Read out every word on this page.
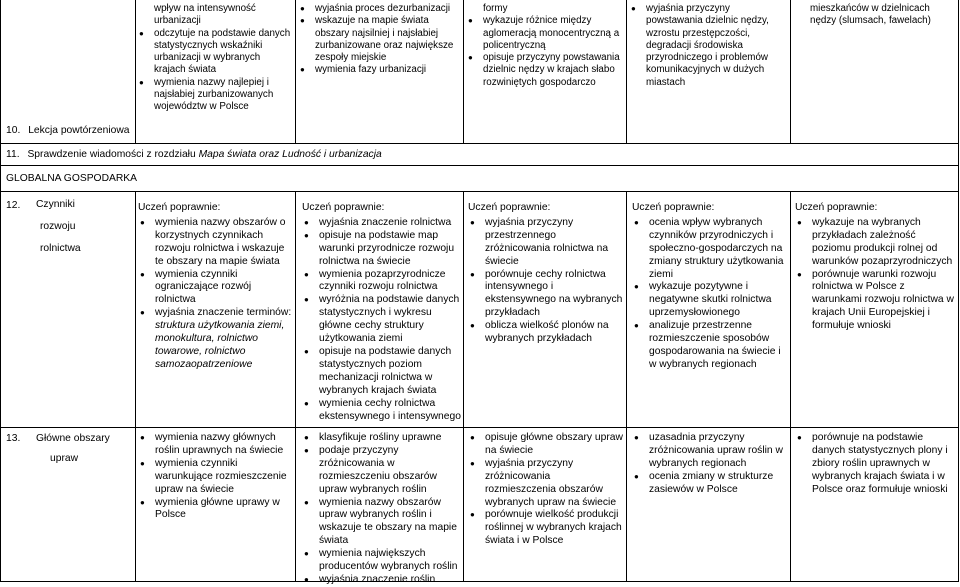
wpływ na intensywność urbanizacji
● odczytuje na podstawie danych statystycznych wskaźniki urbanizacji w wybranych krajach świata
● wymienia nazwy najlepiej i najsłabiej zurbanizowanych województw w Polsce
● wyjaśnia proces dezurbanizacji
● wskazuje na mapie świata obszary najsilniej i najsłabiej zurbanizowane oraz największe zespoły miejskie
● wymienia fazy urbanizacji
formy
● wykazuje różnice między aglomeracją monocentryczną a policentryczną
● opisuje przyczyny powstawania dzielnic nędzy w krajach słabo rozwiniętych gospodarczo
● wyjaśnia przyczyny powstawania dzielnic nędzy, wzrostu przestępczości, degradacji środowiska przyrodniczego i problemów komunikacyjnych w dużych miastach
mieszkańców w dzielnicach nędzy (slumsach, fawelach)
10. Lekcja powtórzeniowa
11. Sprawdzenie wiadomości z rozdziału Mapa świata oraz Ludność i urbanizacja
GLOBALNA GOSPODARKA
12.	Czynniki
rozwoju
rolnictwa
Uczeń poprawnie:
● wymienia nazwy obszarów o korzystnych czynnikach rozwoju rolnictwa i wskazuje te obszary na mapie świata
● wymienia czynniki ograniczające rozwój rolnictwa
● wyjaśnia znaczenie terminów:
struktura użytkowania ziemi, monokultura, rolnictwo towarowe, rolnictwo samozaopatrzeniowe
Uczeń poprawnie:
● wyjaśnia znaczenie rolnictwa
● opisuje na podstawie map warunki przyrodnicze rozwoju rolnictwa na świecie
● wymienia pozaprzyrodnicze czynniki rozwoju rolnictwa
● wyróżnia na podstawie danych statystycznych i wykresu główne cechy struktury użytkowania ziemi
● opisuje na podstawie danych statystycznych poziom mechanizacji rolnictwa w wybranych krajach świata
● wymienia cechy rolnictwa ekstensywnego i intensywnego
Uczeń poprawnie:
● wyjaśnia przyczyny przestrzennego zróżnicowania rolnictwa na świecie
● porównuje cechy rolnictwa intensywnego i ekstensywnego na wybranych przykładach
● oblicza wielkość plonów na wybranych przykładach
Uczeń poprawnie:
● ocenia wpływ wybranych czynników przyrodniczych i społeczno-gospodarczych na zmiany struktury użytkowania ziemi
● wykazuje pozytywne i negatywne skutki rolnictwa uprzemysłowionego
● analizuje przestrzenne rozmieszczenie sposobów gospodarowania na świecie i w wybranych regionach
Uczeń poprawnie:
● wykazuje na wybranych przykładach zależność poziomu produkcji rolnej od warunków pozaprzyrodniczych
● porównuje warunki rozwoju rolnictwa w Polsce z warunkami rozwoju rolnictwa w krajach Unii Europejskiej i formułuje wnioski
13.	Główne obszary
upraw
● wymienia nazwy głównych roślin uprawnych na świecie
● wymienia czynniki warunkujące rozmieszczenie upraw na świecie
● wymienia główne uprawy w Polsce
● klasyfikuje rośliny uprawne
● podaje przyczyny zróżnicowania w rozmieszczeniu obszarów upraw wybranych roślin
● wymienia nazwy obszarów upraw wybranych roślin i wskazuje te obszary na mapie świata
● wymienia największych producentów wybranych roślin
● wyjaśnia znaczenie roślin
● opisuje główne obszary upraw na świecie
● wyjaśnia przyczyny zróżnicowania rozmieszczenia obszarów wybranych upraw na świecie
● porównuje wielkość produkcji roślinnej w wybranych krajach świata i w Polsce
● uzasadnia przyczyny zróżnicowania upraw roślin w wybranych regionach
● ocenia zmiany w strukturze zasiewów w Polsce
● porównuje na podstawie danych statystycznych plony i zbiory roślin uprawnych w wybranych krajach świata i w Polsce oraz formułuje wnioski
